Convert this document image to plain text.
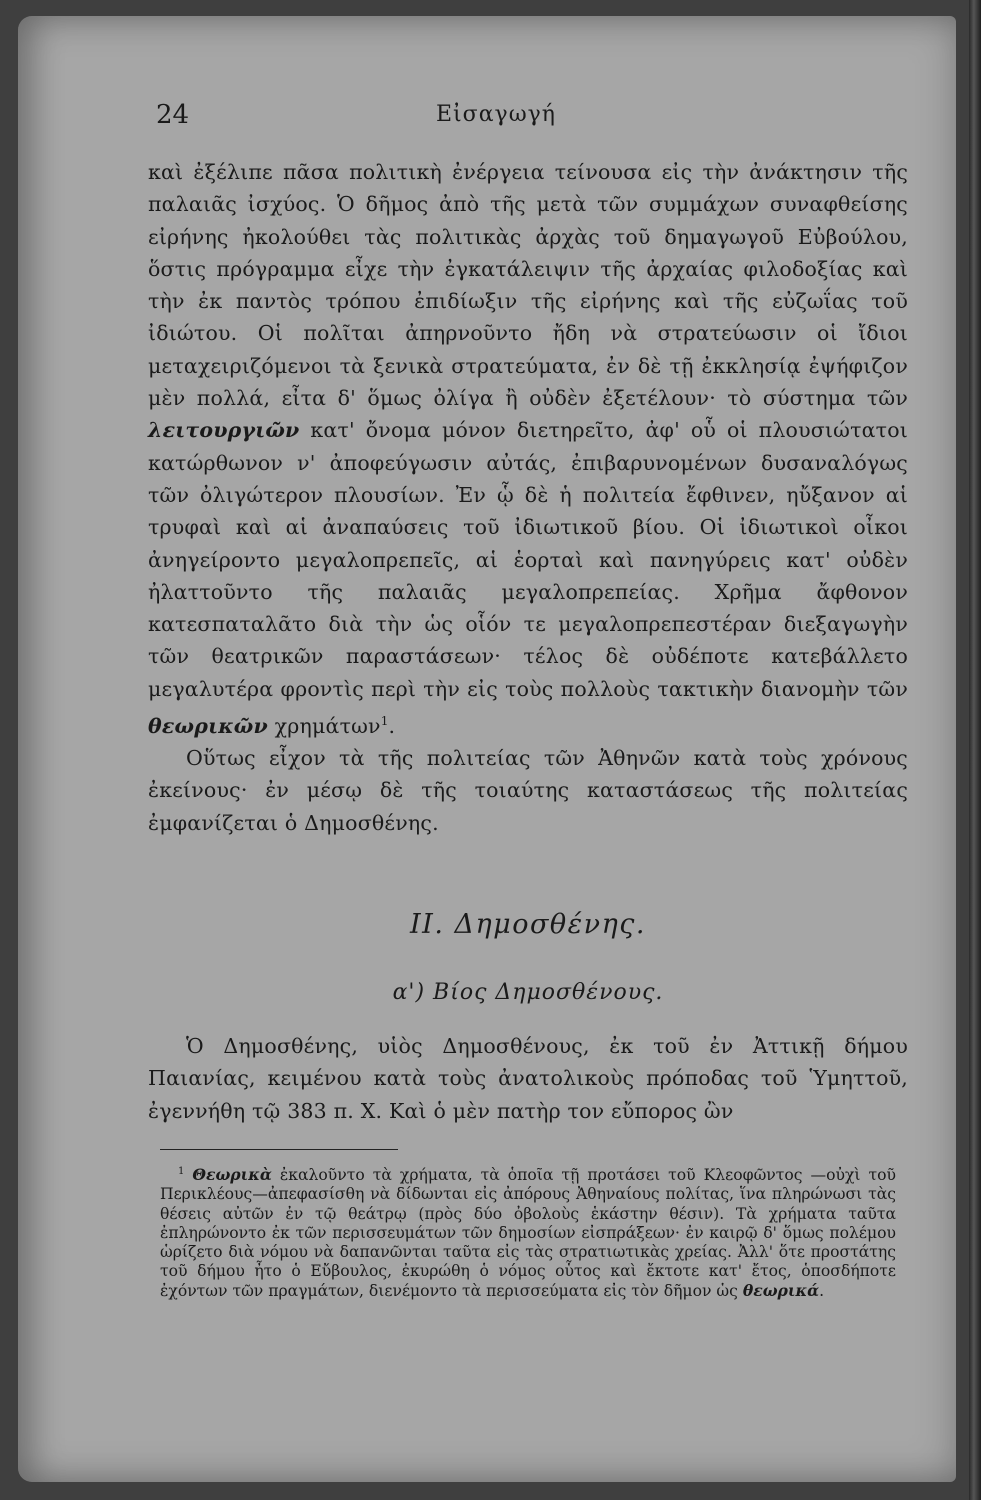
24	Εἰσαγωγή

καὶ ἐξέλιπε πᾶσα πολιτικὴ ἐνέργεια τείνουσα εἰς τὴν ἀνάκτησιν τῆς παλαιᾶς ἰσχύος. Ὁ δῆμος ἀπὸ τῆς μετὰ τῶν συμμάχων συναφθείσης εἰρήνης ἠκολούθει τὰς πολιτικὰς ἀρχὰς τοῦ δημαγωγοῦ Εὐβούλου, ὅστις πρόγραμμα εἶχε τὴν ἐγκατάλειψιν τῆς ἀρχαίας φιλοδοξίας καὶ τὴν ἐκ παντὸς τρόπου ἐπιδίωξιν τῆς εἰρήνης καὶ τῆς εὐζωΐας τοῦ ἰδιώτου. Οἱ πολῖται ἀπηρνοῦντο ἤδη νὰ στρατεύωσιν οἱ ἴδιοι μεταχειριζόμενοι τὰ ξενικὰ στρατεύματα, ἐν δὲ τῇ ἐκκλησίᾳ ἐψήφιζον μὲν πολλά, εἶτα δ' ὅμως ὀλίγα ἢ οὐδὲν ἐξετέλουν· τὸ σύστημα τῶν λειτουργιῶν κατ' ὄνομα μόνον διετηρεῖτο, ἀφ' οὗ οἱ πλουσιώτατοι κατώρθωνον ν' ἀποφεύγωσιν αὐτάς, ἐπιβαρυνομένων δυσαναλόγως τῶν ὀλιγώτερον πλουσίων. Ἐν ᾧ δὲ ἡ πολιτεία ἔφθινεν, ηὔξανον αἱ τρυφαὶ καὶ αἱ ἀναπαύσεις τοῦ ἰδιωτικοῦ βίου. Οἱ ἰδιωτικοὶ οἶκοι ἀνηγείροντο μεγαλοπρεπεῖς, αἱ ἑορταὶ καὶ πανηγύρεις κατ' οὐδὲν ἠλαττοῦντο τῆς παλαιᾶς μεγαλοπρεπείας. Χρῆμα ἄφθονον κατεσπαταλᾶτο διὰ τὴν ὡς οἷόν τε μεγαλοπρεπεστέραν διεξαγωγὴν τῶν θεατρικῶν παραστάσεων· τέλος δὲ οὐδέποτε κατεβάλλετο μεγαλυτέρα φροντὶς περὶ τὴν εἰς τοὺς πολλοὺς τακτικὴν διανομὴν τῶν θεωρικῶν χρημάτων$^1$.

Οὕτως εἶχον τὰ τῆς πολιτείας τῶν Ἀθηνῶν κατὰ τοὺς χρόνους ἐκείνους· ἐν μέσῳ δὲ τῆς τοιαύτης καταστάσεως τῆς πολιτείας ἐμφανίζεται ὁ Δημοσθένης.

II. Δημοσθένης.
α') Βίος Δημοσθένους.

Ὁ Δημοσθένης, υἱὸς Δημοσθένους, ἐκ τοῦ ἐν Ἀττικῇ δήμου Παιανίας, κειμένου κατὰ τοὺς ἀνατολικοὺς πρόποδας τοῦ Ὑμηττοῦ, ἐγεννήθη τῷ 383 π. Χ. Καὶ ὁ μὲν πατὴρ τον εὔπορος ὢν

$^1$ Θεωρικὰ ἐκαλοῦντο τὰ χρήματα, τὰ ὁποῖα τῇ προτάσει τοῦ Κλεοφῶντος —οὐχὶ τοῦ Περικλέους—ἀπεφασίσθη νὰ δίδωνται εἰς ἀπόρους Ἀθηναίους πολίτας, ἵνα πληρώνωσι τὰς θέσεις αὐτῶν ἐν τῷ θεάτρῳ (πρὸς δύο ὀβολοὺς ἑκάστην θέσιν). Τὰ χρήματα ταῦτα ἐπληρώνοντο ἐκ τῶν περισσευμάτων τῶν δημοσίων εἰσπράξεων· ἐν καιρῷ δ' ὅμως πολέμου ὡρίζετο διὰ νόμου νὰ δαπανῶνται ταῦτα εἰς τὰς στρατιωτικὰς χρείας. Ἀλλ' ὅτε προστάτης τοῦ δήμου ἦτο ὁ Εὔβουλος, ἐκυρώθη ὁ νόμος οὗτος καὶ ἔκτοτε κατ' ἔτος, ὁποσδήποτε ἐχόντων τῶν πραγμάτων, διενέμοντο τὰ περισσεύματα εἰς τὸν δῆμον ὡς θεωρικά.
